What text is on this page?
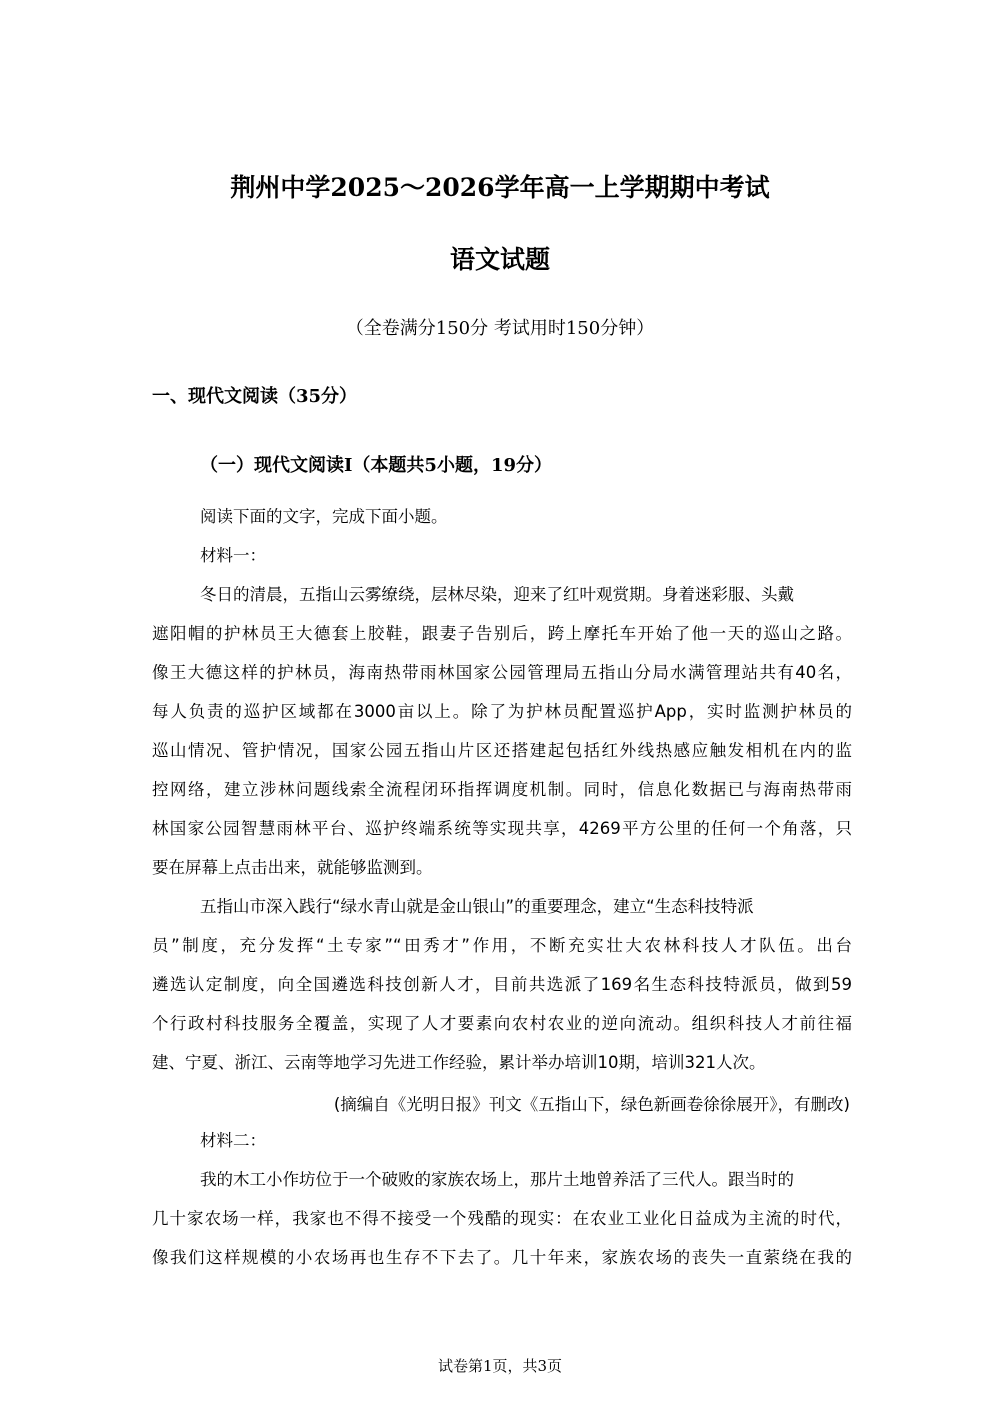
荆州中学2025～2026学年高一上学期期中考试
语文试题
（全卷满分150分 考试用时150分钟）
一、现代文阅读（35分）
（一）现代文阅读Ⅰ（本题共5小题，19分）
阅读下面的文字，完成下面小题。
材料一：
冬日的清晨，五指山云雾缭绕，层林尽染，迎来了红叶观赏期。身着迷彩服、头戴
遮阳帽的护林员王大德套上胶鞋，跟妻子告别后，跨上摩托车开始了他一天的巡山之路。
像王大德这样的护林员，海南热带雨林国家公园管理局五指山分局水满管理站共有40名，
每人负责的巡护区域都在3000亩以上。除了为护林员配置巡护App，实时监测护林员的
巡山情况、管护情况，国家公园五指山片区还搭建起包括红外线热感应触发相机在内的监
控网络，建立涉林问题线索全流程闭环指挥调度机制。同时，信息化数据已与海南热带雨
林国家公园智慧雨林平台、巡护终端系统等实现共享，4269平方公里的任何一个角落，只
要在屏幕上点击出来，就能够监测到。
五指山市深入践行“绿水青山就是金山银山”的重要理念，建立“生态科技特派
员”制度，充分发挥“土专家”“田秀才”作用，不断充实壮大农林科技人才队伍。出台
遴选认定制度，向全国遴选科技创新人才，目前共选派了169名生态科技特派员，做到59
个行政村科技服务全覆盖，实现了人才要素向农村农业的逆向流动。组织科技人才前往福
建、宁夏、浙江、云南等地学习先进工作经验，累计举办培训10期，培训321人次。
(摘编自《光明日报》刊文《五指山下，绿色新画卷徐徐展开》，有删改)
材料二：
我的木工小作坊位于一个破败的家族农场上，那片土地曾养活了三代人。跟当时的
几十家农场一样，我家也不得不接受一个残酷的现实：在农业工业化日益成为主流的时代，
像我们这样规模的小农场再也生存不下去了。几十年来，家族农场的丧失一直萦绕在我的
试卷第1页，共3页
